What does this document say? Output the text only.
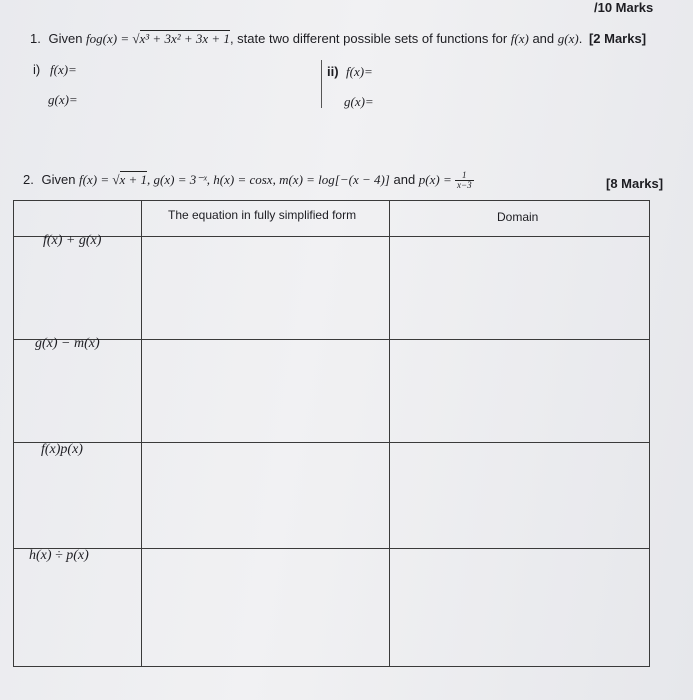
/10 Marks
1. Given fog(x) = √x³ + 3x² + 3x + 1, state two different possible sets of functions for f(x) and g(x). [2 Marks]
i) f(x)=
g(x)=
ii) f(x)=
g(x)=
2. Given f(x) = √x + 1, g(x) = 3⁻ˣ, h(x) = cosx, m(x) = log[−(x − 4)] and $p(x) = \frac{1}{x-3}$	[8 Marks]
The equation in fully simplified form	Domain
f(x) + g(x)
g(x) − m(x)
f(x)p(x)
h(x) ÷ p(x)
